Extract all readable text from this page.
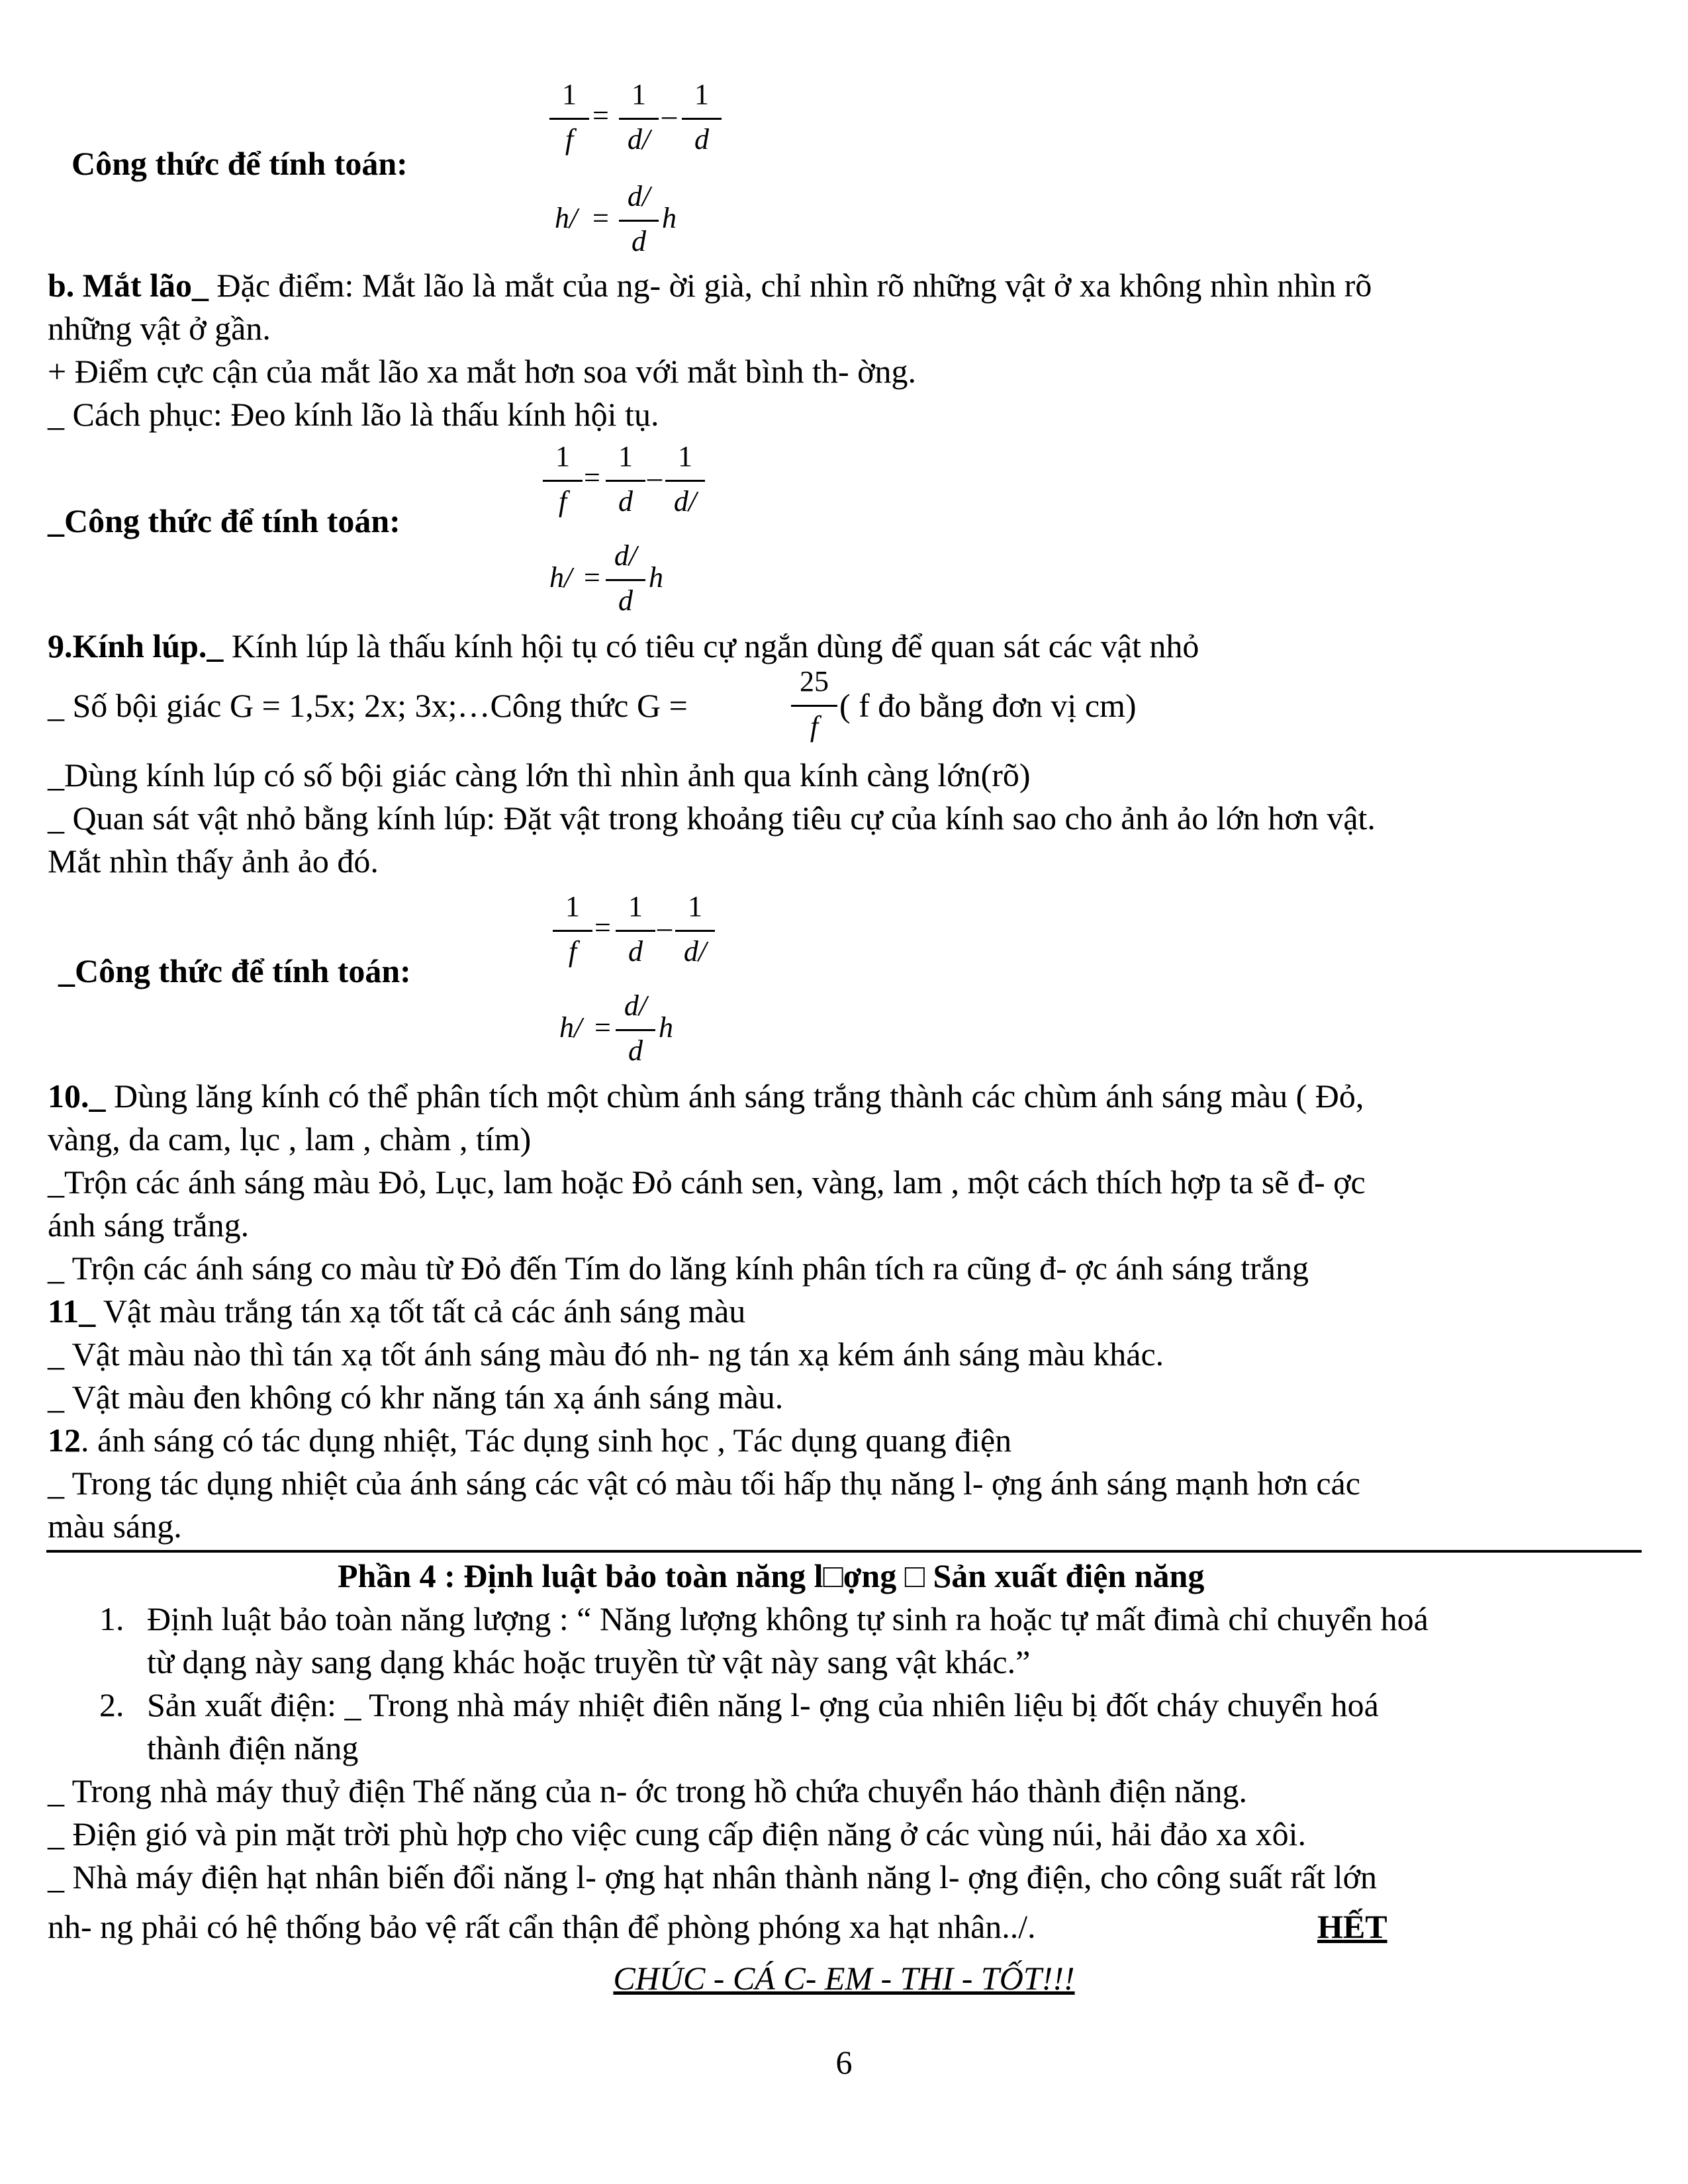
1
f
=
1
d/
–
1
d
Công thức để tính toán:
h/ =
d/
d
h
b. Mắt lão_ Đặc điểm: Mắt lão là mắt của ng- ời già, chỉ nhìn rõ những vật ở xa không nhìn nhìn rõ
những vật ở gần.
+ Điểm cực cận của mắt lão xa mắt hơn soa với mắt bình th- ờng.
_ Cách phục: Đeo kính lão là thấu kính hội tụ.
1
f
=
1
d
–
1
d/
_Công thức để tính toán:
h/ =
d/
d
h
9.Kính lúp._ Kính lúp là thấu kính hội tụ có tiêu cự ngắn dùng để quan sát các vật nhỏ
_ Số bội giác G = 1,5x; 2x; 3x;…Công thức G =
25
f
( f đo bằng đơn vị cm)
_Dùng kính lúp có số bội giác càng lớn thì nhìn ảnh qua kính càng lớn(rõ)
_ Quan sát vật nhỏ bằng kính lúp: Đặt vật trong khoảng tiêu cự của kính sao cho ảnh ảo lớn hơn vật.
Mắt nhìn thấy ảnh ảo đó.
1
f
=
1
d
–
1
d/
_Công thức để tính toán:
h/ =
d/
d
h
10._ Dùng lăng kính có thể phân tích một chùm ánh sáng trắng thành các chùm ánh sáng màu ( Đỏ,
vàng, da cam, lục , lam , chàm , tím)
_Trộn các ánh sáng màu Đỏ, Lục, lam hoặc Đỏ cánh sen, vàng, lam , một cách thích hợp ta sẽ đ- ợc
ánh sáng trắng.
_ Trộn các ánh sáng co màu từ Đỏ đến Tím do lăng kính phân tích ra cũng đ- ợc ánh sáng trắng
11_ Vật màu trắng tán xạ tốt tất cả các ánh sáng màu
_ Vật màu nào thì tán xạ tốt ánh sáng màu đó nh- ng tán xạ kém ánh sáng màu khác.
_ Vật màu đen không có khr năng tán xạ ánh sáng màu.
12. ánh sáng có tác dụng nhiệt, Tác dụng sinh học , Tác dụng quang điện
_ Trong tác dụng nhiệt của ánh sáng các vật có màu tối hấp thụ năng l- ợng ánh sáng mạnh hơn các
màu sáng.
Phần 4 : Định luật bảo toàn năng l□ợng □ Sản xuất điện năng
1. Định luật bảo toàn năng lượng : “ Năng lượng không tự sinh ra hoặc tự mất đimà chỉ chuyển hoá
từ dạng này sang dạng khác hoặc truyền từ vật này sang vật khác.”
2. Sản xuất điện: _ Trong nhà máy nhiệt điên năng l- ợng của nhiên liệu bị đốt cháy chuyển hoá
thành điện năng
_ Trong nhà máy thuỷ điện Thế năng của n- ớc trong hồ chứa chuyển háo thành điện năng.
_ Điện gió và pin mặt trời phù hợp cho việc cung cấp điện năng ở các vùng núi, hải đảo xa xôi.
_ Nhà máy điện hạt nhân biến đổi năng l- ợng hạt nhân thành năng l- ợng điện, cho công suất rất lớn
nh- ng phải có hệ thống bảo vệ rất cẩn thận để phòng phóng xa hạt nhân../.	HẾT
CHÚC - CÁ C- EM - THI - TỐT!!!
6
